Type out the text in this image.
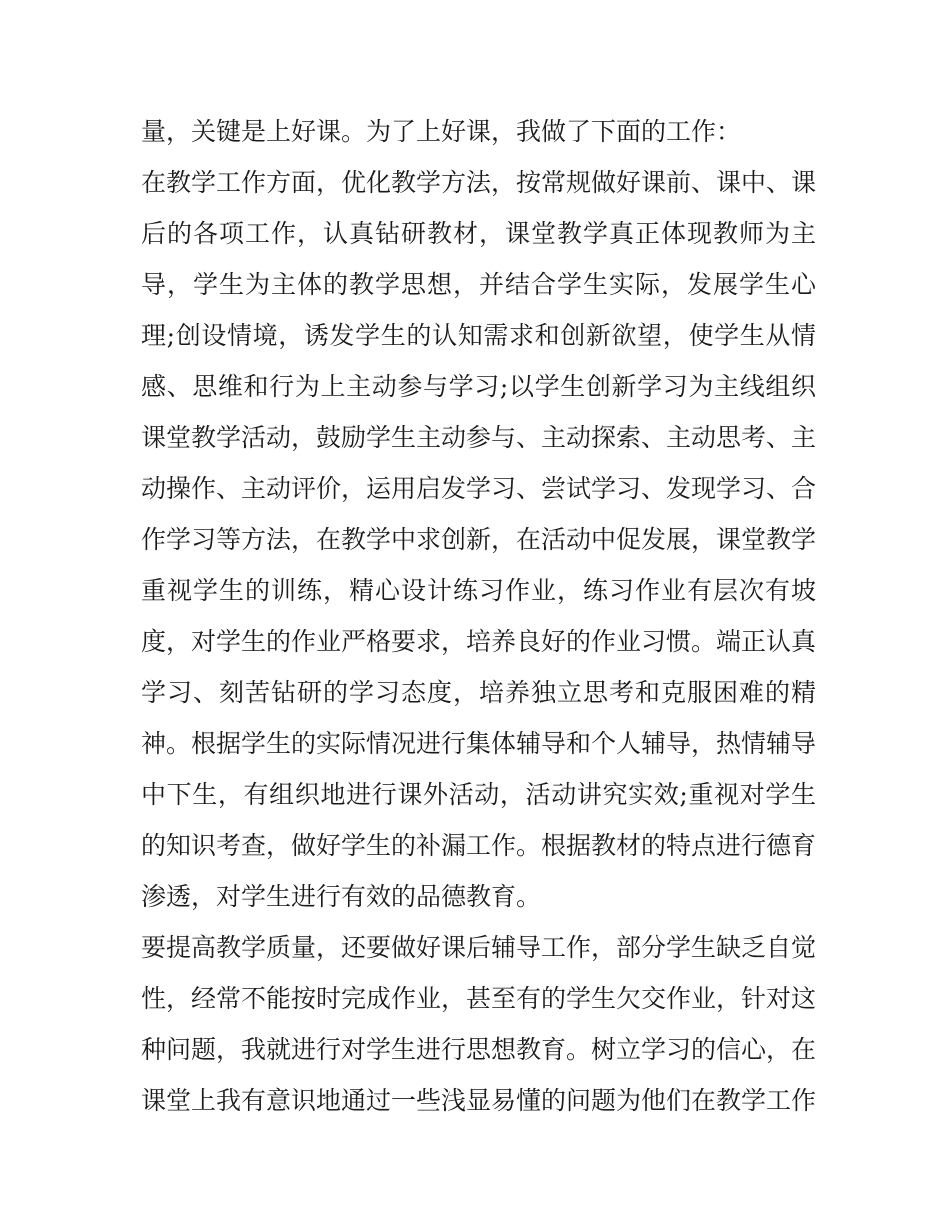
量，关键是上好课。为了上好课，我做了下面的工作：
在教学工作方面，优化教学方法，按常规做好课前、课中、课
后的各项工作，认真钻研教材，课堂教学真正体现教师为主
导，学生为主体的教学思想，并结合学生实际，发展学生心
理;创设情境，诱发学生的认知需求和创新欲望，使学生从情
感、思维和行为上主动参与学习;以学生创新学习为主线组织
课堂教学活动，鼓励学生主动参与、主动探索、主动思考、主
动操作、主动评价，运用启发学习、尝试学习、发现学习、合
作学习等方法，在教学中求创新，在活动中促发展，课堂教学
重视学生的训练，精心设计练习作业，练习作业有层次有坡
度，对学生的作业严格要求，培养良好的作业习惯。端正认真
学习、刻苦钻研的学习态度，培养独立思考和克服困难的精
神。根据学生的实际情况进行集体辅导和个人辅导，热情辅导
中下生，有组织地进行课外活动，活动讲究实效;重视对学生
的知识考查，做好学生的补漏工作。根据教材的特点进行德育
渗透，对学生进行有效的品德教育。
要提高教学质量，还要做好课后辅导工作，部分学生缺乏自觉
性，经常不能按时完成作业，甚至有的学生欠交作业，针对这
种问题，我就进行对学生进行思想教育。树立学习的信心，在
课堂上我有意识地通过一些浅显易懂的问题为他们在教学工作
